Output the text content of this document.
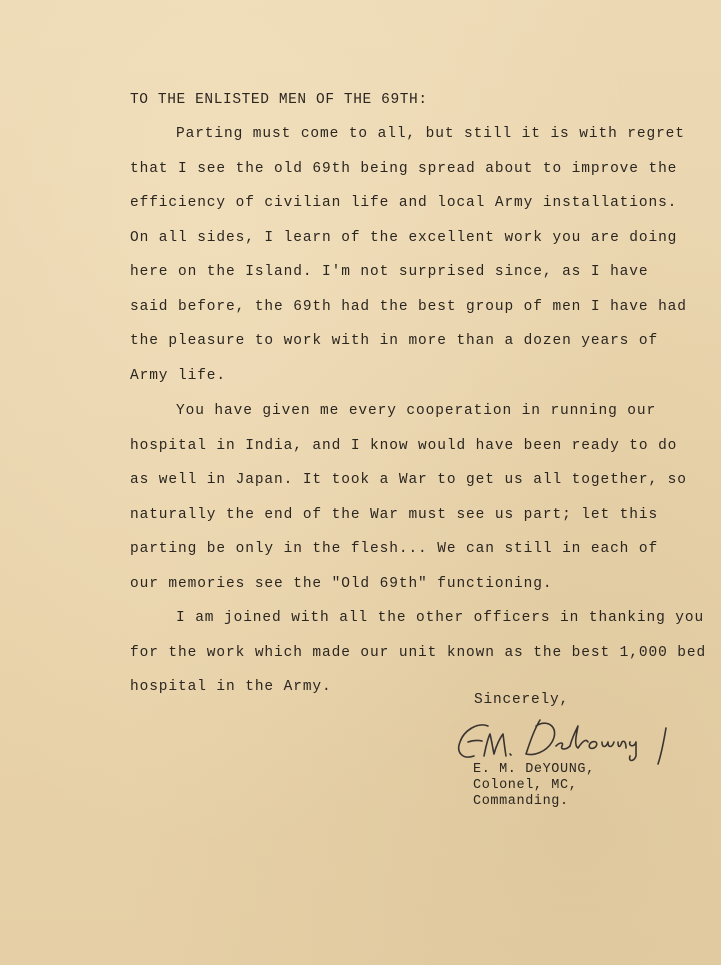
TO THE ENLISTED MEN OF THE 69TH:
Parting must come to all, but still it is with regret
that I see the old 69th being spread about to improve the
efficiency of civilian life and local Army installations.
On all sides, I learn of the excellent work you are doing
here on the Island. I'm not surprised since, as I have
said before, the 69th had the best group of men I have had
the pleasure to work with in more than a dozen years of
Army life.
You have given me every cooperation in running our
hospital in India, and I know would have been ready to do
as well in Japan. It took a War to get us all together, so
naturally the end of the War must see us part; let this
parting be only in the flesh... We can still in each of
our memories see the "Old 69th" functioning.
I am joined with all the other officers in thanking you
for the work which made our unit known as the best 1,000 bed
hospital in the Army.
Sincerely,
E. M. DeYOUNG,
Colonel, MC,
Commanding.
